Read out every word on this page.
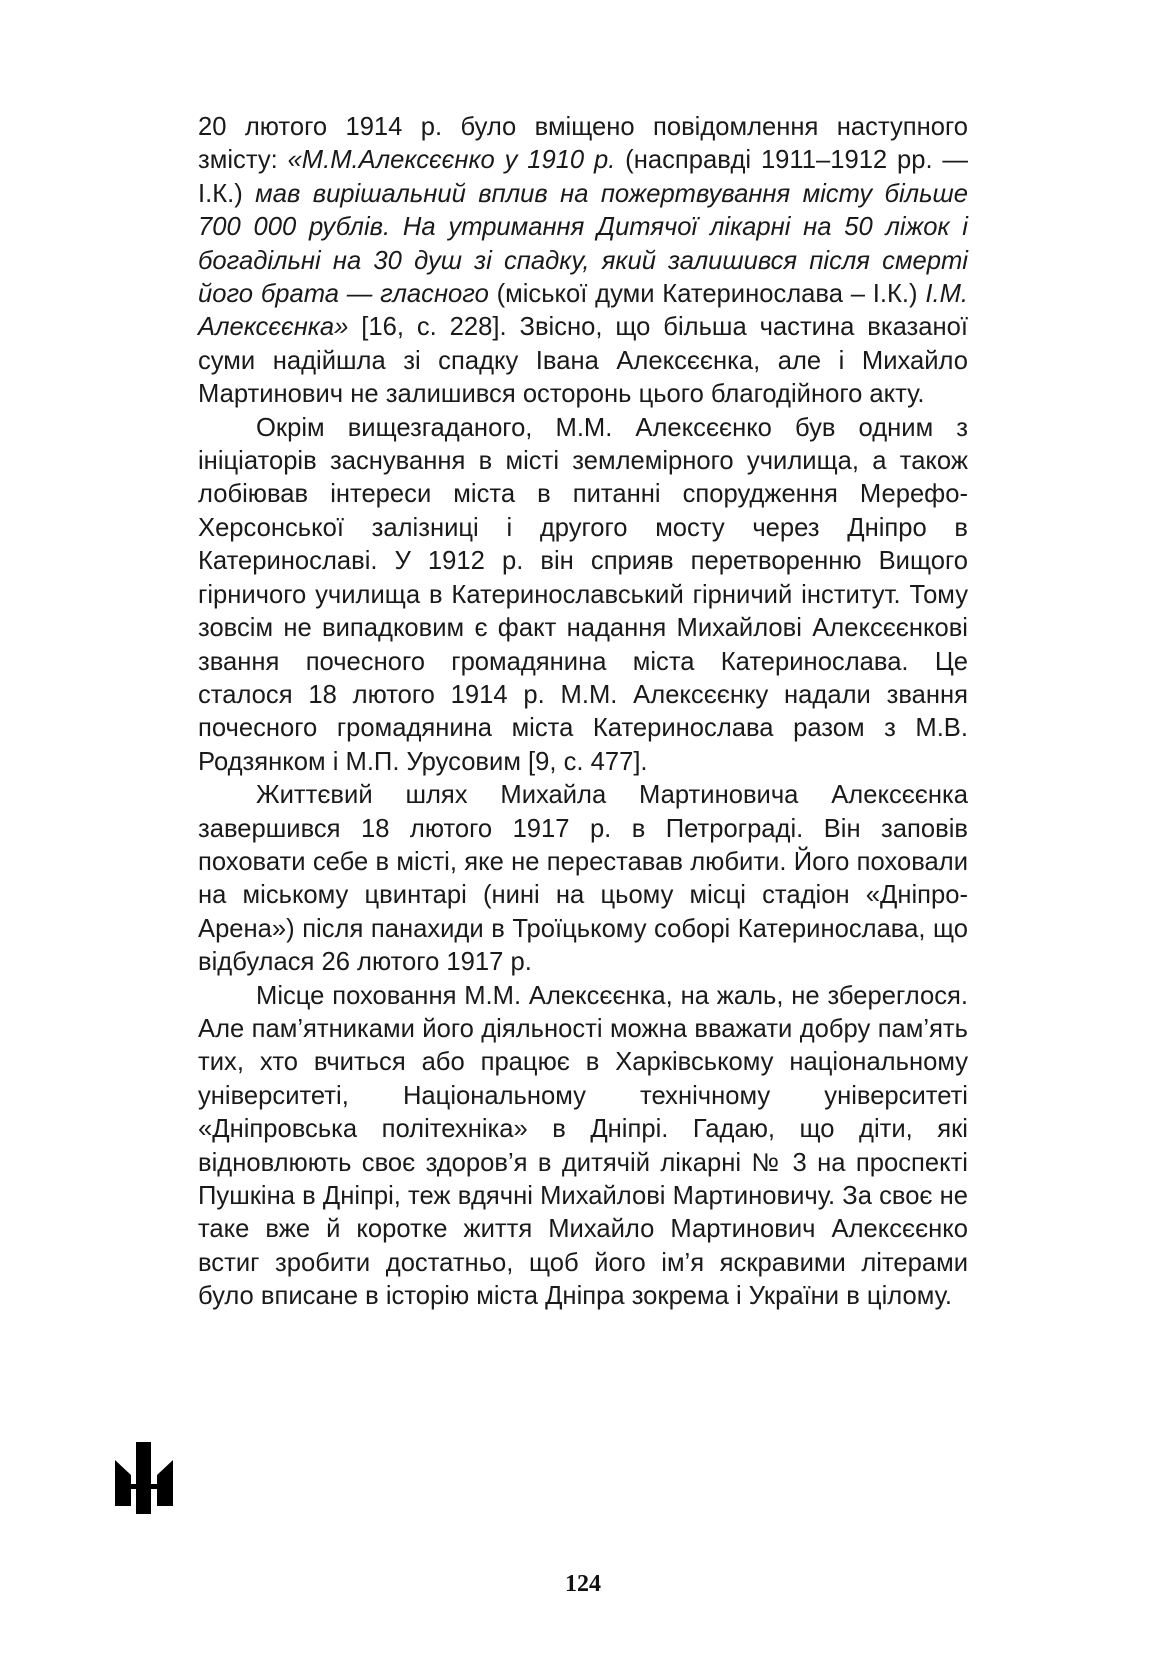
20 лютого 1914 р. було вміщено повідомлення наступного змісту: «М.М.Алексєєнко у 1910 р. (насправді 1911–1912 рр. — І.К.) мав вирішальний вплив на пожертвування місту більше 700 000 рублів. На утримання Дитячої лікарні на 50 ліжок і богадільні на 30 душ зі спадку, який залишився після смерті його брата — гласного (міської думи Катеринослава – І.К.) І.М. Алексєєнка» [16, с. 228]. Звісно, що більша частина вказаної суми надійшла зі спадку Івана Алексєєнка, але і Михайло Мартинович не залишився осторонь цього благодійного акту.

Окрім вищезгаданого, М.М. Алексєєнко був одним з ініціаторів заснування в місті землемірного училища, а також лобіював інтереси міста в питанні спорудження Мерефо-Херсонської залізниці і другого мосту через Дніпро в Катеринославі. У 1912 р. він сприяв перетворенню Вищого гірничого училища в Катеринославський гірничий інститут. Тому зовсім не випадковим є факт надання Михайлові Алексєєнкові звання почесного громадянина міста Катеринослава. Це сталося 18 лютого 1914 р. М.М. Алексєєнку надали звання почесного громадянина міста Катеринослава разом з М.В. Родзянком і М.П. Урусовим [9, с. 477].

Життєвий шлях Михайла Мартиновича Алексєєнка завершився 18 лютого 1917 р. в Петрограді. Він заповів поховати себе в місті, яке не переставав любити. Його поховали на міському цвинтарі (нині на цьому місці стадіон «Дніпро-Арена») після панахиди в Троїцькому соборі Катеринослава, що відбулася 26 лютого 1917 р.

Місце поховання М.М. Алексєєнка, на жаль, не збереглося. Але пам’ятниками його діяльності можна вважати добру пам’ять тих, хто вчиться або працює в Харківському національному університеті, Національному технічному університеті «Дніпровська політехніка» в Дніпрі. Гадаю, що діти, які відновлюють своє здоров’я в дитячій лікарні № 3 на проспекті Пушкіна в Дніпрі, теж вдячні Михайлові Мартиновичу. За своє не таке вже й коротке життя Михайло Мартинович Алексєєнко встиг зробити достатньо, щоб його ім’я яскравими літерами було вписане в історію міста Дніпра зокрема і України в цілому.

124
